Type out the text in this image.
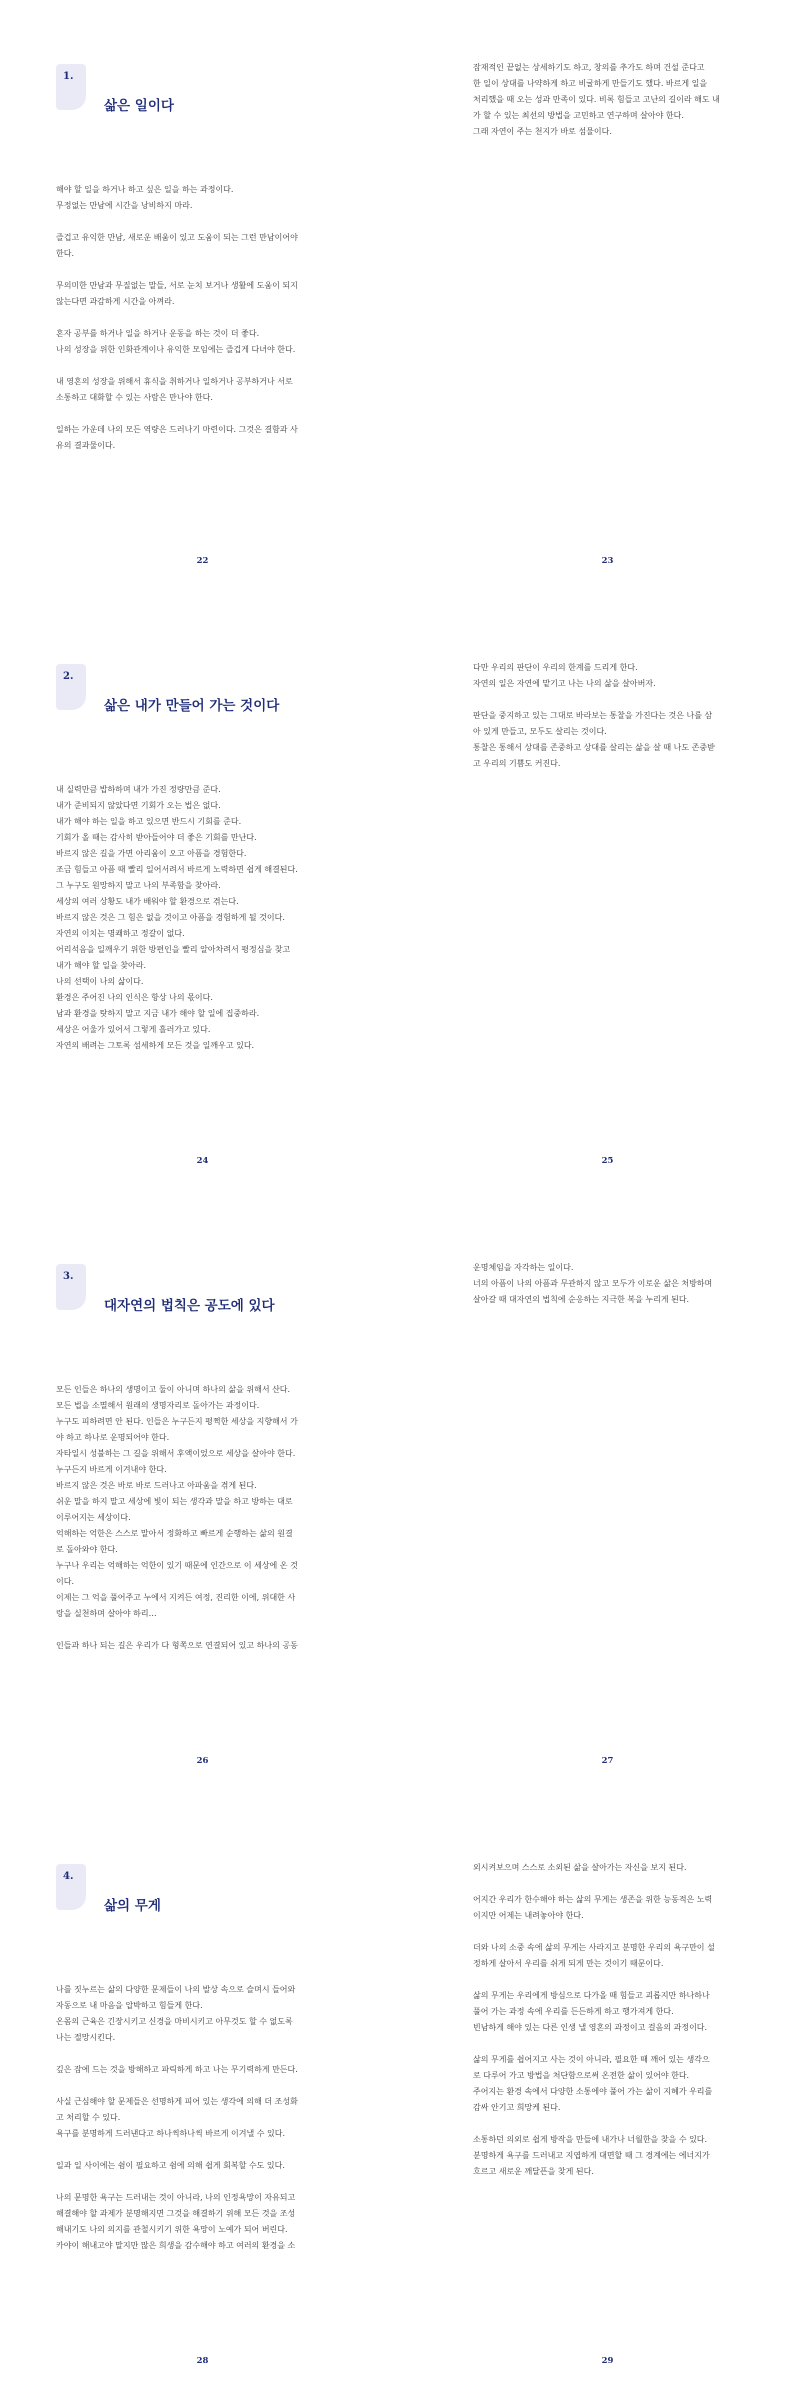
1.
삶은 일이다
해야 할 일을 하거나 하고 싶은 일을 하는 과정이다.
무정없는 만남에 시간을 낭비하지 마라.
즐겁고 유익한 만남, 새로운 배움이 있고 도움이 되는 그런 만남이어야
한다.
무의미한 만남과 무질없는 말들, 서로 눈치 보거나 생활에 도움이 되지
않는다면 과감하게 시간을 아껴라.
혼자 공부를 하거나 일을 하거나 운동을 하는 것이 더 좋다.
나의 성장을 위한 인화관계이나 유익한 모임에는 즐겁게 다녀야 한다.
내 영혼의 성장을 위해서 휴식을 취하거나 일하거나 공부하거나 서로
소통하고 대화할 수 있는 사람은 만나야 한다.
일하는 가운데 나의 모든 역량은 드러나기 마련이다. 그것은 결함과 사
유의 결과물이다.
22
잠재적인 끝없는 상세하기도 하고, 창의를 추가도 하며 건설 준다고
한 일이 상대를 나약하게 하고 비굴하게 만들기도 했다. 바르게 일을
처리했을 때 오는 성과 만족이 있다. 비록 힘들고 고난의 길이라 해도 내
가 할 수 있는 최선의 방법을 고민하고 연구하며 살아야 한다.
그래 자연이 주는 천지가 바로 섬물이다.
23
2.
삶은 내가 만들어 가는 것이다
내 실력만큼 밥하하며 내가 가진 정량만큼 준다.
내가 준비되지 않았다면 기회가 오는 법은 없다.
내가 해야 하는 일을 하고 있으면 반드시 기회를 준다.
기회가 올 때는 감사히 받아들어야 더 좋은 기회를 만난다.
바르지 않은 길을 가면 아리움이 오고 아픔을 경험한다.
조금 힘들고 아픔 때 빨리 일어서려서 바르게 노력하면 쉽게 해결된다.
그 누구도 원망하지 말고 나의 부족함을 찾아라.
세상의 여러 상황도 내가 배워야 할 환경으로 겪는다.
바르지 않은 것은 그 힘은 없을 것이고 아픔을 경험하게 될 것이다.
자연의 이치는 명쾌하고 정갈이 없다.
어리석음을 일깨우기 위한 방편인을 빨리 알아차려서 평정심을 찾고
내가 해야 할 일을 찾아라.
나의 선택이 나의 삶이다.
환경은 주어진 나의 인식은 항상 나의 몫이다.
남과 환경을 탓하지 말고 지금 내가 해야 할 일에 집중하라.
세상은 어울가 있어서 그렇게 흘러가고 있다.
자연의 배려는 그토록 섬세하게 모든 것을 일깨우고 있다.
24
다만 우리의 판단이 우리의 한계를 드리게 한다.
자연의 일은 자연에 맡기고 나는 나의 삶을 살아버자.
판단을 중지하고 있는 그대로 바라보는 통찰을 가진다는 것은 나를 삼
아 있게 만들고, 모두도 살리는 것이다.
통찰은 통해서 상대를 존중하고 상대를 살리는 삶을 살 때 나도 존중받
고 우리의 기쁨도 커진다.
25
3.
대자연의 법칙은 공도에 있다
모든 인들은 하나의 생명이고 둘이 아니며 하나의 삶을 위해서 산다.
모든 법을 소멸해서 원래의 생명자리로 돌아가는 과정이다.
누구도 피하려면 안 된다. 인들은 누구든지 평쩍한 세상을 지향해서 가
야 하고 하나로 운명되어야 한다.
자타일시 성불하는 그 길을 위해서 후액이었으로 세상을 살아야 한다.
누구든지 바르게 이겨내야 한다.
바르지 않은 것은 바로 바로 드러나고 아파움을 겪게 된다.
쉬운 말을 하지 말고 세상에 빛이 되는 생각과 말을 하고 방하는 대로
이루어지는 세상이다.
억해하는 억한은 스스로 말아서 정화하고 빠르게 순행하는 삶의 원결
로 돌아와야 한다.
누구나 우리는 억해하는 억한이 있기 때문에 인간으로 이 세상에 온 것
이다.
이제는 그 억을 풀어주고 누에서 지켜든 여정, 진리한 이에, 위대한 사
랑을 실천하며 살아야 하리…
인들과 하나 되는 길은 우리가 다 형쪽으로 연결되어 있고 하나의 공동
26
운명체임을 자각하는 일이다.
너의 아픔이 나의 아픔과 무관하지 않고 모두가 이로운 삶은 처방하며
살아갈 때 대자연의 법칙에 순응하는 지극한 복을 누리게 된다.
27
4.
삶의 무게
나를 짓누르는 삶의 다양한 문제들이 나의 발상 속으로 슬며시 들어와
자동으로 내 마음을 압박하고 힘들게 한다.
온몸의 근육은 긴장시키고 신경을 마비시키고 아무것도 할 수 없도록
나는 절망시킨다.
깊은 잠에 드는 것을 방해하고 파릭하게 하고 나는 무기력하게 만든다.
사실 근심해야 할 문제들은 선명하게 피어 있는 생각에 의해 더 조성화
고 처리할 수 있다.
욕구를 분명하게 드러낸다고 하나씩하나씩 바르게 이겨낼 수 있다.
일과 일 사이에는 쉼이 필요하고 쉼에 의해 쉽게 회복할 수도 있다.
나의 문명한 욕구는 드러내는 것이 아니라, 나의 인정욕망이 자유되고
해결해야 할 과제가 분명해지면 그것을 해결하기 위해 모든 것을 조성
해내기도 나의 의지를 관철시키기 위한 욕망이 노예가 되어 버린다.
카야이 해내고야 말지만 많은 희생을 감수해야 하고 여러의 환경을 소
28
외시켜보으며 스스로 소외된 삶을 살아가는 자신을 보지 된다.
어지간 우리가 한수해야 하는 삶의 무게는 생존을 위한 능동적은 노력
이지만 어제는 내려놓아야 한다.
더와 나의 소중 속에 삶의 무게는 사라지고 분명한 우리의 욕구만이 설
정하게 살아서 우리를 쉬게 되게 만는 것이기 때문이다.
삶의 무게는 우리에게 방심으로 다가올 때 힘들고 괴롭지만 하나하나
풀어 가는 과정 속에 우리를 든든하게 하고 행가져게 한다.
빈남하게 해야 있는 다른 인생 낼 영혼의 과정이고 걸음의 과정이다.
삶의 무게를 쉽어지고 사는 것이 아니라, 필요한 때 깨어 있는 생각으
로 다루어 가고 방법을 처단함으로써 온전한 삶이 있어야 한다.
주어지는 환경 속에서 다양한 소통에야 풀어 가는 삶이 지혜가 우리를
감싸 안기고 희망케 된다.
소통하던 의외로 쉽게 방작을 만들에 내가나 너월한을 찾을 수 있다.
분명하게 욕구를 드러내고 지엽하게 대면할 때 그 경계에는 에너지가
흐르고 새로운 깨달픈을 찾게 된다.
29
